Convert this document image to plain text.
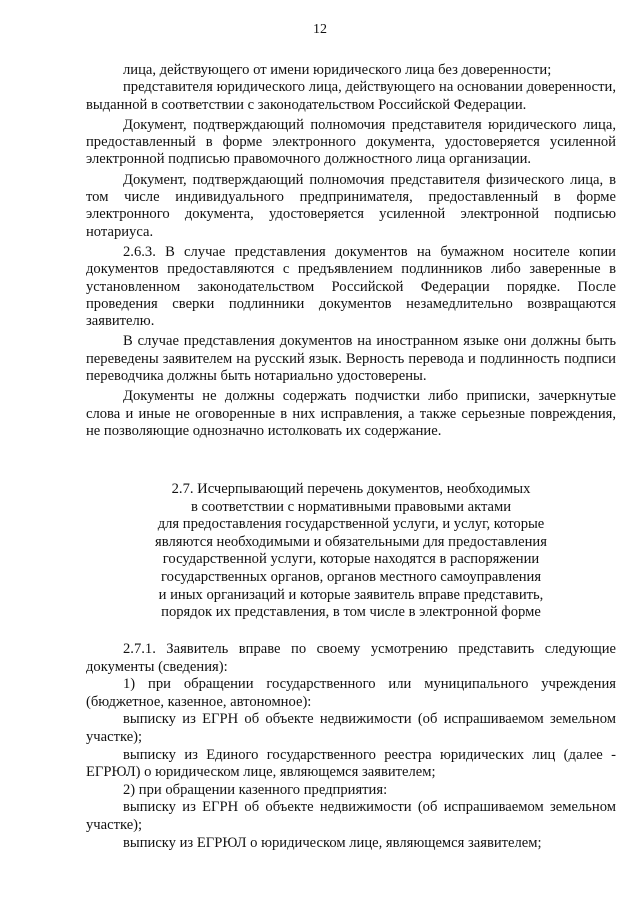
12

лица, действующего от имени юридического лица без доверенности;

представителя юридического лица, действующего на основании доверенности, выданной в соответствии с законодательством Российской Федерации.

Документ, подтверждающий полномочия представителя юридического лица, предоставленный в форме электронного документа, удостоверяется усиленной электронной подписью правомочного должностного лица организации.

Документ, подтверждающий полномочия представителя физического лица, в том числе индивидуального предпринимателя, предоставленный в форме электронного документа, удостоверяется усиленной электронной подписью нотариуса.

2.6.3. В случае представления документов на бумажном носителе копии документов предоставляются с предъявлением подлинников либо заверенные в установленном законодательством Российской Федерации порядке. После проведения сверки подлинники документов незамедлительно возвращаются заявителю.

В случае представления документов на иностранном языке они должны быть переведены заявителем на русский язык. Верность перевода и подлинность подписи переводчика должны быть нотариально удостоверены.

Документы не должны содержать подчистки либо приписки, зачеркнутые слова и иные не оговоренные в них исправления, а также серьезные повреждения, не позволяющие однозначно истолковать их содержание.

2.7. Исчерпывающий перечень документов, необходимых
в соответствии с нормативными правовыми актами
для предоставления государственной услуги, и услуг, которые
являются необходимыми и обязательными для предоставления
государственной услуги, которые находятся в распоряжении
государственных органов, органов местного самоуправления
и иных организаций и которые заявитель вправе представить,
порядок их представления, в том числе в электронной форме

2.7.1. Заявитель вправе по своему усмотрению представить следующие документы (сведения):

1) при обращении государственного или муниципального учреждения (бюджетное, казенное, автономное):

выписку из ЕГРН об объекте недвижимости (об испрашиваемом земельном участке);

выписку из Единого государственного реестра юридических лиц (далее - ЕГРЮЛ) о юридическом лице, являющемся заявителем;

2) при обращении казенного предприятия:

выписку из ЕГРН об объекте недвижимости (об испрашиваемом земельном участке);

выписку из ЕГРЮЛ о юридическом лице, являющемся заявителем;
